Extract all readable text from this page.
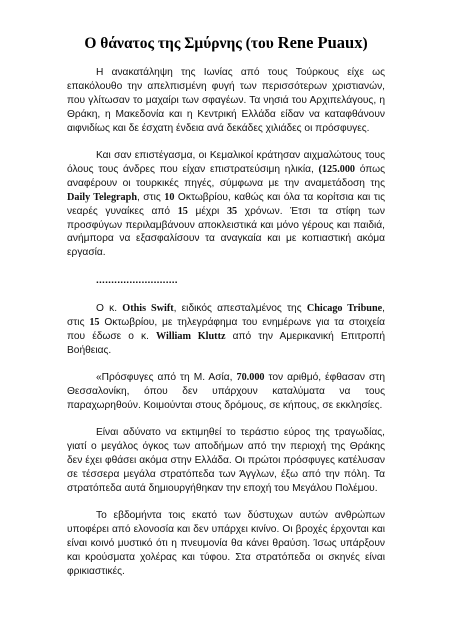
Ο θάνατος της Σμύρνης (του Rene Puaux)

Η ανακατάληψη της Ιωνίας από τους Τούρκους είχε ως επακόλουθο την απελπισμένη φυγή των περισσότερων χριστιανών, που γλίτωσαν το μαχαίρι των σφαγέων. Τα νησιά του Αρχιπελάγους, η Θράκη, η Μακεδονία και η Κεντρική Ελλάδα είδαν να καταφθάνουν αιφνιδίως και δε έσχατη ένδεια ανά δεκάδες χιλιάδες οι πρόσφυγες.

Και σαν επιστέγασμα, οι Κεμαλικοί κράτησαν αιχμαλώτους τους όλους τους άνδρες που είχαν επιστρατεύσιμη ηλικία, (125.000 όπως αναφέρουν οι τουρκικές πηγές, σύμφωνα με την αναμετάδοση της Daily Telegraph, στις 10 Οκτωβρίου, καθώς και όλα τα κορίτσια και τις νεαρές γυναίκες από 15 μέχρι 35 χρόνων. Έτσι τα στίφη των προσφύγων περιλαμβάνουν αποκλειστικά και μόνο γέρους και παιδιά, ανήμπορα να εξασφαλίσουν τα αναγκαία και με κοπιαστική ακόμα εργασία.

...........................

Ο κ. Othis Swift, ειδικός απεσταλμένος της Chicago Tribune, στις 15 Οκτωβρίου, με τηλεγράφημα του ενημέρωνε για τα στοιχεία που έδωσε ο κ. William Kluttz από την Αμερικανική Επιτροπή Βοήθειας.

«Πρόσφυγες από τη Μ. Ασία, 70.000 τον αριθμό, έφθασαν στη Θεσσαλονίκη, όπου δεν υπάρχουν καταλύματα να τους παραχωρηθούν. Κοιμούνται στους δρόμους, σε κήπους, σε εκκλησίες.

Είναι αδύνατο να εκτιμηθεί το τεράστιο εύρος της τραγωδίας, γιατί ο μεγάλος όγκος των αποδήμων από την περιοχή της Θράκης δεν έχει φθάσει ακόμα στην Ελλάδα. Οι πρώτοι πρόσφυγες κατέλυσαν σε τέσσερα μεγάλα στρατόπεδα των Άγγλων, έξω από την πόλη. Τα στρατόπεδα αυτά δημιουργήθηκαν την εποχή του Μεγάλου Πολέμου.

Το εβδομήντα τοις εκατό των δύστυχων αυτών ανθρώπων υποφέρει από ελονοσία και δεν υπάρχει κινίνο. Οι βροχές έρχονται και είναι κοινό μυστικό ότι η πνευμονία θα κάνει θραύση. Ίσως υπάρξουν και κρούσματα χολέρας και τύφου. Στα στρατόπεδα οι σκηνές είναι φρικιαστικές.
